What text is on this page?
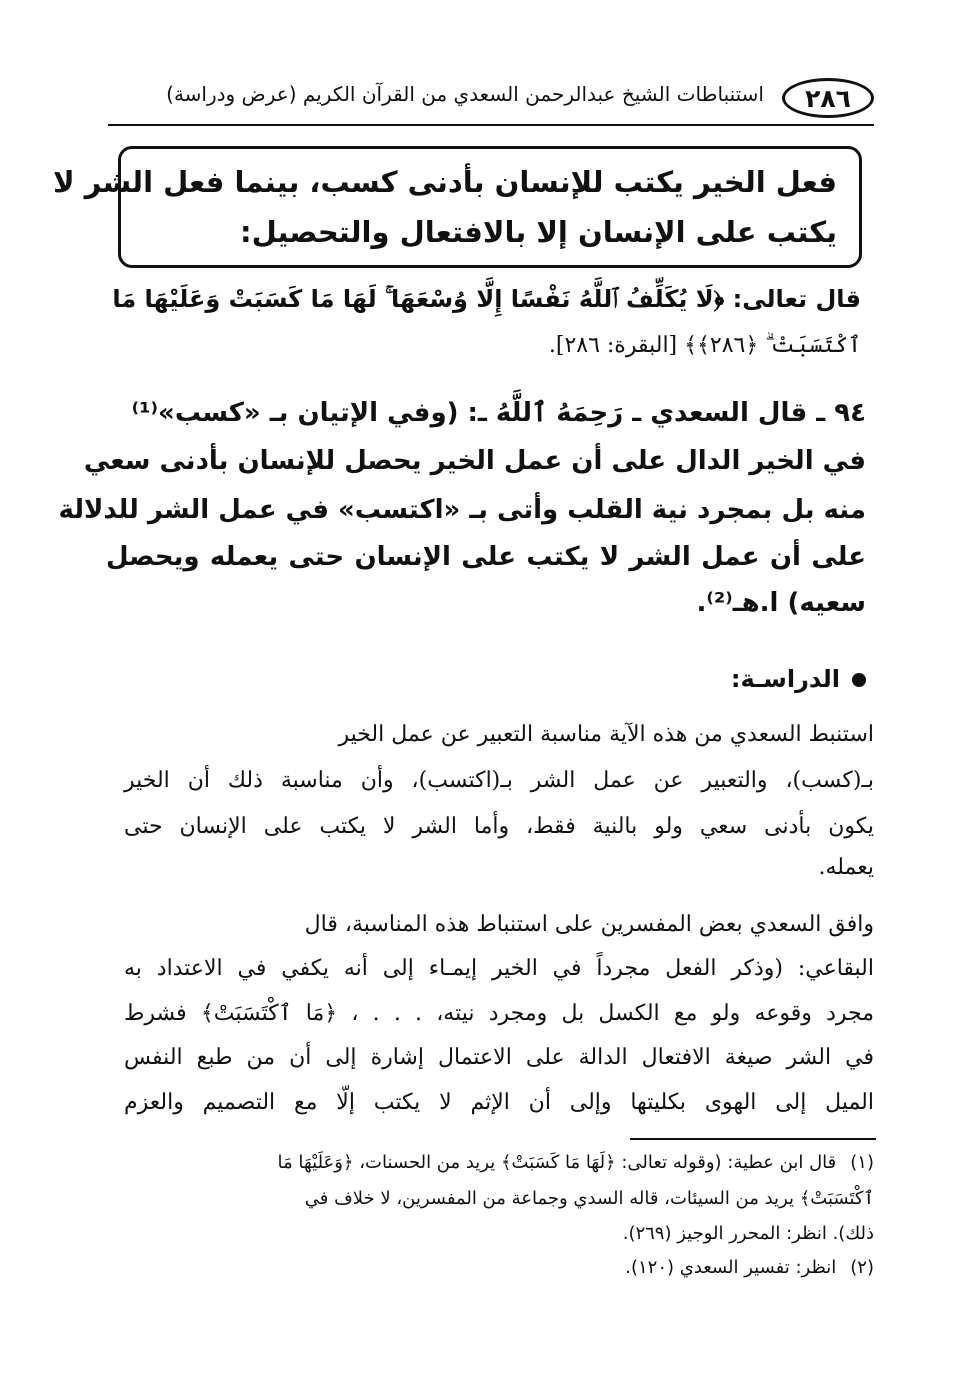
٢٨٦
استنباطات الشيخ عبدالرحمن السعدي من القرآن الكريم (عرض ودراسة)
فعل الخير يكتب للإنسان بأدنى كسب، بينما فعل الشر لا
يكتب على الإنسان إلا بالافتعال والتحصيل:
قال تعالى: ﴿لَا يُكَلِّفُ ٱللَّهُ نَفْسًا إِلَّا وُسْعَهَا ۚ لَهَا مَا كَسَبَتْ وَعَلَيْهَا مَا
ٱكْتَسَبَتْ ۗ ﴿٢٨٦﴾﴾ [البقرة: ٢٨٦].
٩٤ ـ قال السعدي ـ رَحِمَهُ ٱللَّهُ ـ: (وفي الإتيان بـ «كسب»⁽¹⁾
في الخير الدال على أن عمل الخير يحصل للإنسان بأدنى سعي
منه بل بمجرد نية القلب وأتى بـ «اكتسب» في عمل الشر للدلالة
على أن عمل الشر لا يكتب على الإنسان حتى يعمله ويحصل
سعيه) ا.هـ⁽²⁾.
الدراسـة:
استنبط السعدي من هذه الآية مناسبة التعبير عن عمل الخير
بـ(كسب)، والتعبير عن عمل الشر بـ(اكتسب)، وأن مناسبة ذلك أن الخير
يكون بأدنى سعي ولو بالنية فقط، وأما الشر لا يكتب على الإنسان حتى
يعمله.
وافق السعدي بعض المفسرين على استنباط هذه المناسبة، قال
البقاعي: (وذكر الفعل مجرداً في الخير إيمـاء إلى أنه يكفي في الاعتداد به
مجرد وقوعه ولو مع الكسل بل ومجرد نيته، . . . ، ﴿مَا ٱكْتَسَبَتْ﴾ فشرط
في الشر صيغة الافتعال الدالة على الاعتمال إشارة إلى أن من طبع النفس
الميل إلى الهوى بكليتها وإلى أن الإثم لا يكتب إلّا مع التصميم والعزم
(١)قال ابن عطية: (وقوله تعالى: ﴿لَهَا مَا كَسَبَتْ﴾ يريد من الحسنات، ﴿وَعَلَيْهَا مَا
ٱكْتَسَبَتْ﴾ يريد من السيئات، قاله السدي وجماعة من المفسرين، لا خلاف في
ذلك). انظر: المحرر الوجيز (٢٦٩).
(٢)انظر: تفسير السعدي (١٢٠).
